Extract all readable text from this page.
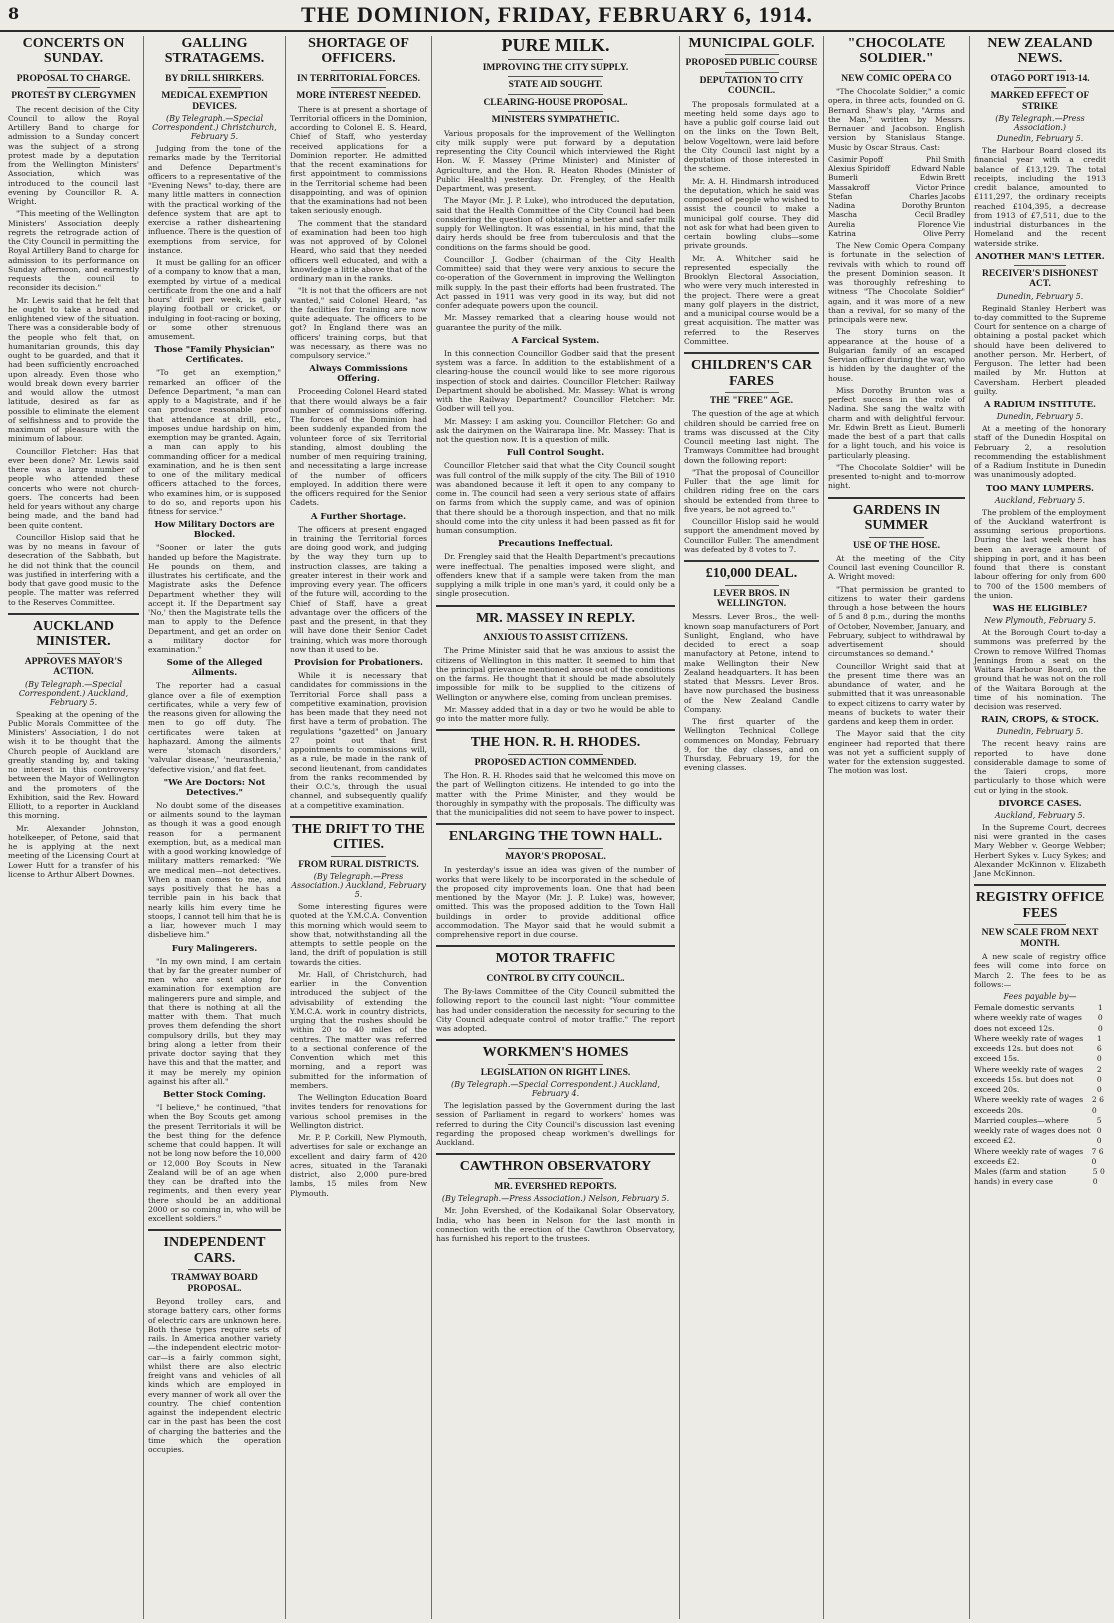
8	THE DOMINION, FRIDAY, FEBRUARY 6, 1914.
CONCERTS ON SUNDAY.
PROPOSAL TO CHARGE.
PROTEST BY CLERGYMEN

The recent decision of the City Council to allow the Royal Artillery Band to charge for admission to a Sunday concert was the subject of a strong protest made by a deputation from the Wellington Ministers' Association, which was introduced to the council last evening by Councillor R. A. Wright.

"This meeting of the Wellington Ministers' Association deeply regrets the retrograde action of the City Council in permitting the Royal Artillery Band to charge for admission to its performance on Sunday afternoon, and earnestly requests the council to reconsider its decision."

Mr. Lewis said that he felt that he ought to take a broad and enlightened view of the situation. There was a considerable body of the people who felt that, on humanitarian grounds, this day ought to be guarded, and that it had been sufficiently encroached upon already. Even those who would break down every barrier and would allow the utmost latitude, desired as far as possible to eliminate the element of selfishness and to provide the maximum of pleasure with the minimum of labour.

Councillor Fletcher: Has that ever been done? Mr. Lewis said there was a large number of people who attended these concerts who were not church-goers. The concerts had been held for years without any charge being made, and the band had been quite content.

Councillor Hislop said that he was by no means in favour of desecration of the Sabbath, but he did not think that the council was justified in interfering with a body that gave good music to the people. The matter was referred to the Reserves Committee.

AUCKLAND MINISTER.
APPROVES MAYOR'S ACTION.
(By Telegraph.—Special Correspondent.) Auckland, February 5.

Speaking at the opening of the Public Morals Committee of the Ministers' Association, I do not wish it to be thought that the Church people of Auckland are greatly standing by, and taking no interest in this controversy between the Mayor of Wellington and the promoters of the Exhibition, said the Rev. Howard Elliott, to a reporter in Auckland this morning.

Mr. Alexander Johnston, hotelkeeper, of Petone, said that he is applying at the next meeting of the Licensing Court at Lower Hutt for a transfer of his license to Arthur Albert Downes.

GALLING STRATAGEMS.
BY DRILL SHIRKERS.
MEDICAL EXEMPTION DEVICES.
(By Telegraph.—Special Correspondent.) Christchurch, February 5.

Judging from the tone of the remarks made by the Territorial and Defence Department's officers to a representative of the "Evening News" to-day, there are many little matters in connection with the practical working of the defence system that are apt to exercise a rather disheartening influence. There is the question of exemptions from service, for instance.

It must be galling for an officer of a company to know that a man, exempted by virtue of a medical certificate from the one and a half hours' drill per week, is gaily playing football or cricket, or indulging in foot-racing or boxing, or some other strenuous amusement.

Those "Family Physician" Certificates.

"To get an exemption," remarked an officer of the Defence Department, "a man can apply to a Magistrate, and if he can produce reasonable proof that attendance at drill, etc., imposes undue hardship on him, exemption may be granted. Again, a man can apply to his commanding officer for a medical examination, and he is then sent to one of the military medical officers attached to the forces, who examines him, or is supposed to do so, and reports upon his fitness for service."

How Military Doctors are Blocked.

"Sooner or later the guts handed up before the Magistrate. He pounds on them, and illustrates his certificate, and the Magistrate asks the Defence Department whether they will accept it. If the Department say 'No,' then the Magistrate tells the man to apply to the Defence Department, and get an order on a military doctor for examination."

Some of the Alleged Ailments.

The reporter had a casual glance over a file of exemption certificates, while a very few of the reasons given for allowing the men to go off duty. The certificates were taken at haphazard. Among the ailments were 'stomach disorders,' 'valvular disease,' 'neurasthenia,' 'defective vision,' and flat feet.

"We Are Doctors: Not Detectives."

No doubt some of the diseases or ailments sound to the layman as though it was a good enough reason for a permanent exemption, but, as a medical man with a good working knowledge of military matters remarked: "We are medical men—not detectives. When a man comes to me, and says positively that he has a terrible pain in his back that nearly kills him every time he stoops, I cannot tell him that he is a liar, however much I may disbelieve him."

Fury Malingerers.

"In my own mind, I am certain that by far the greater number of men who are sent along for examination for exemption are malingerers pure and simple, and that there is nothing at all the matter with them. That much proves them defending the short compulsory drills, but they may bring along a letter from their private doctor saying that they have this and that the matter, and it may be merely my opinion against his after all."

Better Stock Coming.

"I believe," he continued, "that when the Boy Scouts get among the present Territorials it will be the best thing for the defence scheme that could happen. It will not be long now before the 10,000 or 12,000 Boy Scouts in New Zealand will be of an age when they can be drafted into the regiments, and then every year there should be an additional 2000 or so coming in, who will be excellent soldiers."

INDEPENDENT CARS.
TRAMWAY BOARD PROPOSAL.

Beyond trolley cars, and storage battery cars, other forms of electric cars are unknown here. Both these types require sets of rails. In America another variety—the independent electric motor-car—is a fairly common sight, whilst there are also electric freight vans and vehicles of all kinds which are employed in every manner of work all over the country. The chief contention against the independent electric car in the past has been the cost of charging the batteries and the time which the operation occupies.

SHORTAGE OF OFFICERS.
IN TERRITORIAL FORCES.
MORE INTEREST NEEDED.

There is at present a shortage of Territorial officers in the Dominion, according to Colonel E. S. Heard, Chief of Staff, who yesterday received applications for a Dominion reporter. He admitted that the recent examinations for first appointment to commissions in the Territorial scheme had been disappointing, and was of opinion that the examinations had not been taken seriously enough.

The comment that the standard of examination had been too high was not approved of by Colonel Heard, who said that they needed officers well educated, and with a knowledge a little above that of the ordinary man in the ranks.

"It is not that the officers are not wanted," said Colonel Heard, "as the facilities for training are now quite adequate. The officers to be got? In England there was an officers' training corps, but that was necessary, as there was no compulsory service."

Always Commissions Offering.

Proceeding Colonel Heard stated that there would always be a fair number of commissions offering. The forces of the Dominion had been suddenly expanded from the volunteer force of six Territorial standing, almost doubling the number of men requiring training, and necessitating a large increase of the number of officers employed. In addition there were the officers required for the Senior Cadets.

A Further Shortage.

The officers at present engaged in training the Territorial forces are doing good work, and judging by the way they turn up to instruction classes, are taking a greater interest in their work and improving every year. The officers of the future will, according to the Chief of Staff, have a great advantage over the officers of the past and the present, in that they will have done their Senior Cadet training, which was more thorough now than it used to be.

Provision for Probationers.

While it is necessary that candidates for commissions in the Territorial Force shall pass a competitive examination, provision has been made that they need not first have a term of probation. The regulations "gazetted" on January 27 point out that first appointments to commissions will, as a rule, be made in the rank of second lieutenant, from candidates from the ranks recommended by their O.C.'s, through the usual channel, and subsequently qualify at a competitive examination.

THE DRIFT TO THE CITIES.
FROM RURAL DISTRICTS.
(By Telegraph.—Press Association.) Auckland, February 5.

Some interesting figures were quoted at the Y.M.C.A. Convention this morning which would seem to show that, notwithstanding all the attempts to settle people on the land, the drift of population is still towards the cities.

Mr. Hall, of Christchurch, had earlier in the Convention introduced the subject of the advisability of extending the Y.M.C.A. work in country districts, urging that the rushes should be within 20 to 40 miles of the centres. The matter was referred to a sectional conference of the Convention which met this morning, and a report was submitted for the information of members.

The Wellington Education Board invites tenders for renovations for various school premises in the Wellington district.

Mr. P. P. Corkill, New Plymouth, advertises for sale or exchange an excellent and dairy farm of 420 acres, situated in the Taranaki district, also 2,000 pure-bred lambs, 15 miles from New Plymouth.

PURE MILK.
IMPROVING THE CITY SUPPLY.
STATE AID SOUGHT.
CLEARING-HOUSE PROPOSAL.
MINISTERS SYMPATHETIC.

Various proposals for the improvement of the Wellington city milk supply were put forward by a deputation representing the City Council which interviewed the Right Hon. W. F. Massey (Prime Minister) and Minister of Agriculture, and the Hon. R. Heaton Rhodes (Minister of Public Health) yesterday. Dr. Frengley, of the Health Department, was present.

The Mayor (Mr. J. P. Luke), who introduced the deputation, said that the Health Committee of the City Council had been considering the question of obtaining a better and safer milk supply for Wellington. It was essential, in his mind, that the dairy herds should be free from tuberculosis and that the conditions on the farms should be good.

Councillor J. Godber (chairman of the City Health Committee) said that they were very anxious to secure the co-operation of the Government in improving the Wellington milk supply. In the past their efforts had been frustrated. The Act passed in 1911 was very good in its way, but did not confer adequate powers upon the council.

Mr. Massey remarked that a clearing house would not guarantee the purity of the milk.

A Farcical System.

In this connection Councillor Godber said that the present system was a farce. In addition to the establishment of a clearing-house the council would like to see more rigorous inspection of stock and dairies. Councillor Fletcher: Railway Department should be abolished. Mr. Massey: What is wrong with the Railway Department? Councillor Fletcher: Mr. Godber will tell you.

Mr. Massey: I am asking you. Councillor Fletcher: Go and ask the dairymen on the Wairarapa line. Mr. Massey: That is not the question now. It is a question of milk.

Full Control Sought.

Councillor Fletcher said that what the City Council sought was full control of the milk supply of the city. The Bill of 1910 was abandoned because it left it open to any company to come in. The council had seen a very serious state of affairs on farms from which the supply came, and was of opinion that there should be a thorough inspection, and that no milk should come into the city unless it had been passed as fit for human consumption.

Precautions Ineffectual.

Dr. Frengley said that the Health Department's precautions were ineffectual. The penalties imposed were slight, and offenders knew that if a sample were taken from the man supplying a milk triple in one man's yard, it could only be a single prosecution.

MR. MASSEY IN REPLY.
ANXIOUS TO ASSIST CITIZENS.

The Prime Minister said that he was anxious to assist the citizens of Wellington in this matter. It seemed to him that the principal grievance mentioned arose out of the conditions on the farms. He thought that it should be made absolutely impossible for milk to be supplied to the citizens of Wellington or anywhere else, coming from unclean premises.

Mr. Massey added that in a day or two he would be able to go into the matter more fully.

THE HON. R. H. RHODES.
PROPOSED ACTION COMMENDED.

The Hon. R. H. Rhodes said that he welcomed this move on the part of Wellington citizens. He intended to go into the matter with the Prime Minister, and they would be thoroughly in sympathy with the proposals. The difficulty was that the municipalities did not seem to have power to inspect.

ENLARGING THE TOWN HALL.
MAYOR'S PROPOSAL.

In yesterday's issue an idea was given of the number of works that were likely to be incorporated in the schedule of the proposed city improvements loan. One that had been mentioned by the Mayor (Mr. J. P. Luke) was, however, omitted. This was the proposed addition to the Town Hall buildings in order to provide additional office accommodation. The Mayor said that he would submit a comprehensive report in due course.

MOTOR TRAFFIC
CONTROL BY CITY COUNCIL.

The By-laws Committee of the City Council submitted the following report to the council last night: "Your committee has had under consideration the necessity for securing to the City Council adequate control of motor traffic." The report was adopted.

WORKMEN'S HOMES
LEGISLATION ON RIGHT LINES.
(By Telegraph.—Special Correspondent.) Auckland, February 4.

The legislation passed by the Government during the last session of Parliament in regard to workers' homes was referred to during the City Council's discussion last evening regarding the proposed cheap workmen's dwellings for Auckland.

CAWTHRON OBSERVATORY
MR. EVERSHED REPORTS.
(By Telegraph.—Press Association.) Nelson, February 5.

Mr. John Evershed, of the Kodaikanal Solar Observatory, India, who has been in Nelson for the last month in connection with the erection of the Cawthron Observatory, has furnished his report to the trustees.

MUNICIPAL GOLF.
PROPOSED PUBLIC COURSE
DEPUTATION TO CITY COUNCIL.

The proposals formulated at a meeting held some days ago to have a public golf course laid out on the links on the Town Belt, below Vogeltown, were laid before the City Council last night by a deputation of those interested in the scheme.

Mr. A. H. Hindmarsh introduced the deputation, which he said was composed of people who wished to assist the council to make a municipal golf course. They did not ask for what had been given to certain bowling clubs—some private grounds.

Mr. A. Whitcher said he represented especially the Brooklyn Electoral Association, who were very much interested in the project. There were a great many golf players in the district, and a municipal course would be a great acquisition. The matter was referred to the Reserves Committee.

CHILDREN'S CAR FARES
THE "FREE" AGE.

The question of the age at which children should be carried free on trams was discussed at the City Council meeting last night. The Tramways Committee had brought down the following report:

"That the proposal of Councillor Fuller that the age limit for children riding free on the cars should be extended from three to five years, be not agreed to."

Councillor Hislop said he would support the amendment moved by Councillor Fuller. The amendment was defeated by 8 votes to 7.

£10,000 DEAL.
LEVER BROS. IN WELLINGTON.

Messrs. Lever Bros., the well-known soap manufacturers of Port Sunlight, England, who have decided to erect a soap manufactory at Petone, intend to make Wellington their New Zealand headquarters. It has been stated that Messrs. Lever Bros. have now purchased the business of the New Zealand Candle Company.

The first quarter of the Wellington Technical College commences on Monday, February 9, for the day classes, and on Thursday, February 19, for the evening classes.

"CHOCOLATE SOLDIER."
NEW COMIC OPERA CO

"The Chocolate Soldier," a comic opera, in three acts, founded on G. Bernard Shaw's play, "Arms and the Man," written by Messrs. Bernauer and Jacobson. English version by Stanislaus Stange. Music by Oscar Straus. Cast:

Casimir Popoff	Phil Smith
Alexius Spiridoff	Edward Nable
Bumerli	Edwin Brett
Massakroff	Victor Prince
Stefan	Charles Jacobs
Nadina	Dorothy Brunton
Mascha	Cecil Bradley
Aurelia	Florence Vie
Katrina	Olive Perry

The New Comic Opera Company is fortunate in the selection of revivals with which to round off the present Dominion season. It was thoroughly refreshing to witness "The Chocolate Soldier" again, and it was more of a new than a revival, for so many of the principals were new.

The story turns on the appearance at the house of a Bulgarian family of an escaped Servian officer during the war, who is hidden by the daughter of the house.

Miss Dorothy Brunton was a perfect success in the role of Nadina. She sang the waltz with charm and with delightful fervour. Mr. Edwin Brett as Lieut. Bumerli made the best of a part that calls for a light touch, and his voice is particularly pleasing.

"The Chocolate Soldier" will be presented to-night and to-morrow night.

GARDENS IN SUMMER
USE OF THE HOSE.

At the meeting of the City Council last evening Councillor R. A. Wright moved:

"That permission be granted to citizens to water their gardens through a hose between the hours of 5 and 8 p.m., during the months of October, November, January, and February, subject to withdrawal by advertisement should circumstances so demand."

Councillor Wright said that at the present time there was an abundance of water, and he submitted that it was unreasonable to expect citizens to carry water by means of buckets to water their gardens and keep them in order.

The Mayor said that the city engineer had reported that there was not yet a sufficient supply of water for the extension suggested. The motion was lost.

NEW ZEALAND NEWS.
OTAGO PORT 1913-14.
MARKED EFFECT OF STRIKE
(By Telegraph.—Press Association.)
Dunedin, February 5.

The Harbour Board closed its financial year with a credit balance of £13,129. The total receipts, including the 1913 credit balance, amounted to £111,297, the ordinary receipts reached £104,395, a decrease from 1913 of £7,511, due to the industrial disturbances in the Homeland and the recent waterside strike.

ANOTHER MAN'S LETTER.
RECEIVER'S DISHONEST ACT.
Dunedin, February 5.

Reginald Stanley Herbert was to-day committed to the Supreme Court for sentence on a charge of obtaining a postal packet which should have been delivered to another person. Mr. Herbert, of Ferguson. The letter had been mailed by Mr. Hutton at Caversham. Herbert pleaded guilty.

A RADIUM INSTITUTE.
Dunedin, February 5.

At a meeting of the honorary staff of the Dunedin Hospital on February 2, a resolution recommending the establishment of a Radium Institute in Dunedin was unanimously adopted.

TOO MANY LUMPERS.
Auckland, February 5.

The problem of the employment of the Auckland waterfront is assuming serious proportions. During the last week there has been an average amount of shipping in port, and it has been found that there is constant labour offering for only from 600 to 700 of the 1500 members of the union.

WAS HE ELIGIBLE?
New Plymouth, February 5.

At the Borough Court to-day a summons was preferred by the Crown to remove Wilfred Thomas Jennings from a seat on the Waitara Harbour Board, on the ground that he was not on the roll of the Waitara Borough at the time of his nomination. The decision was reserved.

RAIN, CROPS, & STOCK.
Dunedin, February 5.

The recent heavy rains are reported to have done considerable damage to some of the Taieri crops, more particularly to those which were cut or lying in the stook.

DIVORCE CASES.
Auckland, February 5.

In the Supreme Court, decrees nisi were granted in the cases Mary Webber v. George Webber; Herbert Sykes v. Lucy Sykes; and Alexander McKinnon v. Elizabeth Jane McKinnon.

REGISTRY OFFICE FEES
NEW SCALE FROM NEXT MONTH.

A new scale of registry office fees will come into force on March 2. The fees to be as follows:—

Fees payable by—
Female domestic servants where weekly rate of wages does not exceed 12s.
1 0 0
Where weekly rate of wages exceeds 12s. but does not exceed 15s.
1 6 0
Where weekly rate of wages exceeds 15s. but does not exceed 20s.
2 0 0
Where weekly rate of wages exceeds 20s.
2 6 0
Married couples—where weekly rate of wages does not exceed £2.
5 0 0
Where weekly rate of wages exceeds £2.
7 6 0
Males (farm and station hands) in every case
5 0 0
